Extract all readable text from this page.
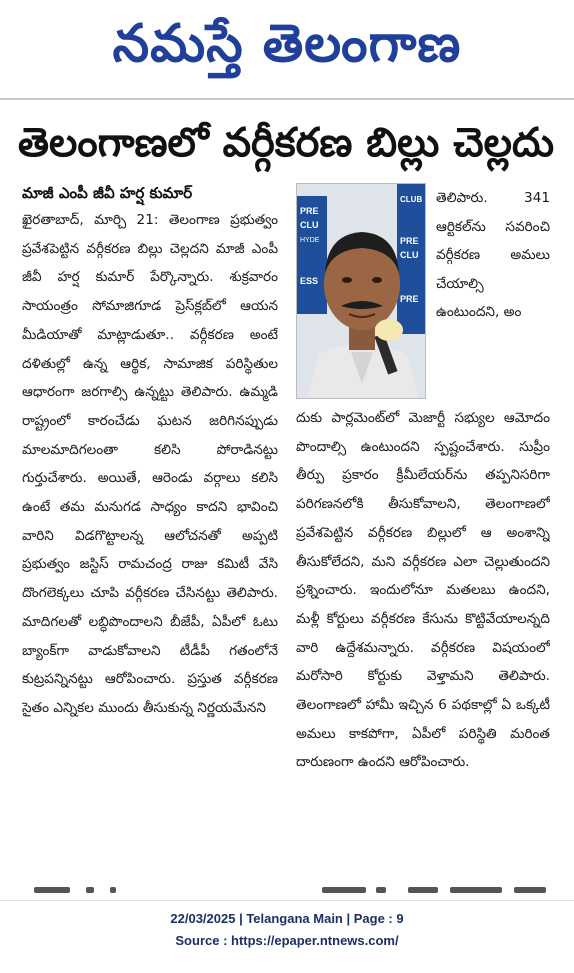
నమస్తే తెలంగాణ
తెలంగాణలో వర్గీకరణ బిల్లు చెల్లదు
మాజీ ఎంపీ జీవీ హర్ష కుమార్

ఖైరతాబాద్, మార్చి 21: తెలంగాణ ప్రభుత్వం ప్రవేశపెట్టిన వర్గీకరణ బిల్లు చెల్లదని మాజీ ఎంపీ జీవీ హర్ష కుమార్ పేర్కొన్నారు. శుక్రవారం సాయంత్రం సోమాజిగూడ ప్రెస్‌క్లబ్‌లో ఆయన మీడియాతో మాట్లాడుతూ.. వర్గీకరణ అంటే దళితుల్లో ఉన్న ఆర్థిక, సామాజిక పరిస్థితుల ఆధారంగా జరగాల్సి ఉన్నట్టు తెలిపారు. ఉమ్మడి రాష్ట్రంలో కారంచేడు ఘటన జరిగినప్పుడు మాలమాదిగలంతా కలిసి పోరాడినట్టు గుర్తుచేశారు. అయితే, ఆరెండు వర్గాలు కలిసి ఉంటే తమ మనుగడ సాధ్యం కాదని భావించి వారిని విడగొట్టాలన్న ఆలోచనతో అప్పటి ప్రభుత్వం జస్టిస్ రామచంద్ర రాజు కమిటీ వేసి దొంగలెక్కలు చూపి వర్గీకరణ చేసినట్టు తెలిపారు. మాదిగలతో లబ్ధిపొందాలని బీజేపీ, ఏపీలో ఓటు బ్యాంక్‌గా వాడుకోవాలని టీడీపీ గతంలోనే కుట్రపన్నినట్టు ఆరోపించారు. ప్రస్తుత వర్గీకరణ సైతం ఎన్నికల ముందు తీసుకున్న నిర్ణయమేనని

PRE
CLU
HYDE
ESS
CLUB
PRE
CLU
PRE

తెలిపారు. 341 ఆర్టికల్‌ను సవరించి వర్గీకరణ అమలు చేయాల్సి ఉంటుందని, అం

దుకు పార్లమెంట్‌లో మెజార్టీ సభ్యుల ఆమోదం పొందాల్సి ఉంటుందని స్పష్టంచేశారు. సుప్రీం తీర్పు ప్రకారం క్రీమీలేయర్‌ను తప్పనిసరిగా పరిగణనలోకి తీసుకోవాలని, తెలంగాణలో ప్రవేశపెట్టిన వర్గీకరణ బిల్లులో ఆ అంశాన్ని తీసుకోలేదని, మని వర్గీకరణ ఎలా చెల్లుతుందని ప్రశ్నించారు. ఇందులోనూ మతలబు ఉందని, మళ్లీ కోర్టులు వర్గీకరణ కేసును కొట్టివేయాలన్నది వారి ఉద్దేశమన్నారు. వర్గీకరణ విషయంలో మరోసారి కోర్టుకు వెళ్తామని తెలిపారు. తెలంగాణలో హామీ ఇచ్చిన 6 పథకాల్లో ఏ ఒక్కటీ అమలు కాకపోగా, ఏపీలో పరిస్థితి మరింత దారుణంగా ఉందని ఆరోపించారు.

22/03/2025 | Telangana Main | Page : 9
Source : https://epaper.ntnews.com/
